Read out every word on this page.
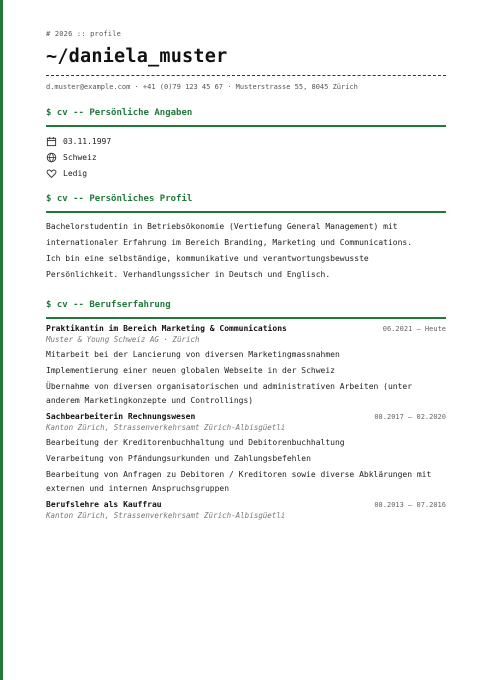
# 2026 :: profile
~/daniela_muster
d.muster@example.com · +41 (0)79 123 45 67 · Musterstrasse 55, 8045 Zürich
$ cv -- Persönliche Angaben
03.11.1997
Schweiz
Ledig
$ cv -- Persönliches Profil
Bachelorstudentin in Betriebsökonomie (Vertiefung General Management) mit
internationaler Erfahrung im Bereich Branding, Marketing und Communications.
Ich bin eine selbständige, kommunikative und verantwortungsbewusste
Persönlichkeit. Verhandlungssicher in Deutsch und Englisch.
$ cv -- Berufserfahrung
Praktikantin im Bereich Marketing & Communications	06.2021 – Heute
Muster & Young Schweiz AG · Zürich
Mitarbeit bei der Lancierung von diversen Marketingmassnahmen
Implementierung einer neuen globalen Webseite in der Schweiz
Übernahme von diversen organisatorischen und administrativen Arbeiten (unter anderem Marketingkonzepte und Controllings)
Sachbearbeiterin Rechnungswesen	08.2017 – 02.2020
Kanton Zürich, Strassenverkehrsamt Zürich-Albisgüetli
Bearbeitung der Kreditorenbuchhaltung und Debitorenbuchhaltung
Verarbeitung von Pfändungsurkunden und Zahlungsbefehlen
Bearbeitung von Anfragen zu Debitoren / Kreditoren sowie diverse Abklärungen mit externen und internen Anspruchsgruppen
Berufslehre als Kauffrau	08.2013 – 07.2016
Kanton Zürich, Strassenverkehrsamt Zürich-Albisgüetli
